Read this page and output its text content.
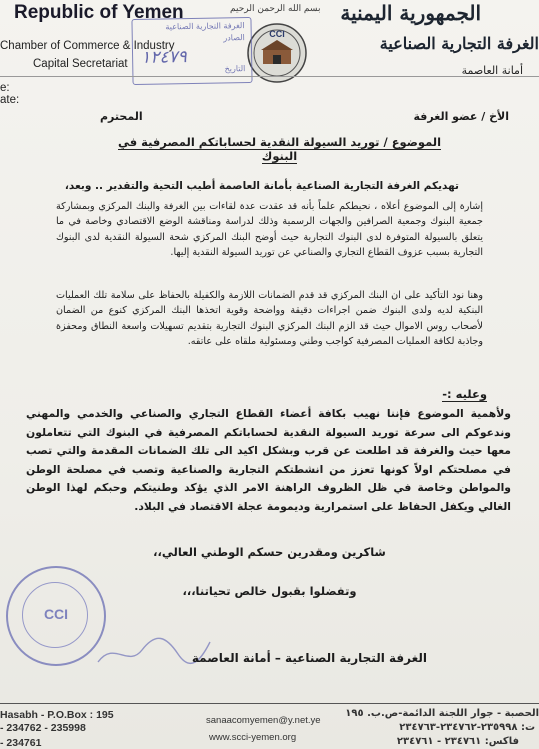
Republic of Yemen
Chamber of Commerce & Industry
Capital Secretariat
e:
ate:
الجمهورية اليمنية
الغرفة التجارية الصناعية
أمانة العاصمة
بسم الله الرحمن الرحيم
CCI
الغرفة التجارية الصناعية
الصادر
١٢٤٧٩
التاريخ
الأخ / عضو الغرفة
المحترم
الموضوع / توريد السيولة النقدية لحساباتكم المصرفية في البنوك
تهديكم الغرفة التجارية الصناعية بأمانة العاصمة أطيب التحية والتقدير .. وبعد،
إشارة إلى الموضوع أعلاه ، نحيطكم علماً بأنه قد عقدت عدة لقاءات بين الغرفة والبنك المركزي وبمشاركة جمعية البنوك وجمعية الصرافين والجهات الرسمية وذلك لدراسة ومناقشة الوضع الاقتصادي وخاصة في ما يتعلق بالسيولة المتوفرة لدى البنوك التجارية حيث أوضح البنك المركزي شحة السيولة النقدية لدى البنوك التجارية بسبب عزوف القطاع التجاري والصناعي عن توريد السيولة النقدية إليها.
وهنا نود التأكيد على ان البنك المركزي قد قدم الضمانات اللازمة والكفيلة بالحفاظ على سلامة تلك العمليات البنكية لديه ولدى البنوك ضمن اجراءات دقيقة وواضحة وقوية اتخذها البنك المركزي كنوع من الضمان لأصحاب روس الاموال حيث قد الزم البنك المركزي البنوك التجارية بتقديم تسهيلات واسعة النطاق ومحفزة وجاذبة لكافة العمليات المصرفية كواجب وطني ومسئولية ملقاه على عاتقه.
وعليه :-
ولأهمية الموضوع فإننا نهيب بكافة أعضاء القطاع التجاري والصناعي والخدمي والمهني وندعوكم الى سرعة توريد السيولة النقدية لحساباتكم المصرفية في البنوك التي تتعاملون معها حيث والغرفة قد اطلعت عن قرب وبشكل اكيد الى تلك الضمانات المقدمة والتي تصب في مصلحتكم اولاً كونها تعزز من انشطتكم التجارية والصناعية وتصب في مصلحة الوطن والمواطن وخاصة في ظل الظروف الراهنة الامر الذي يؤكد وطنيتكم وحبكم لهذا الوطن الغالي ويكفل الحفاظ على استمرارية وديمومة عجلة الاقتصاد في البلاد.
شاكرين ومقدرين حسكم الوطني العالي،،
وتفضلوا بقبول خالص تحياتنا،،،
CCI
الغرفة التجارية الصناعية – أمانة العاصمة
Hasabh - P.O.Box : 195
- 234762 - 235998
- 234761
sanaacomyemen@y.net.ye
www.scci-yemen.org
الحصبة - جوار اللجنة الدائمة-ص.ب. ١٩٥
ت: ٢٣٥٩٩٨-٢٣٤٧٦٢-٢٣٤٧٦٣
فاكس: ٢٣٤٧٦١ - ٢٣٤٧٦١
